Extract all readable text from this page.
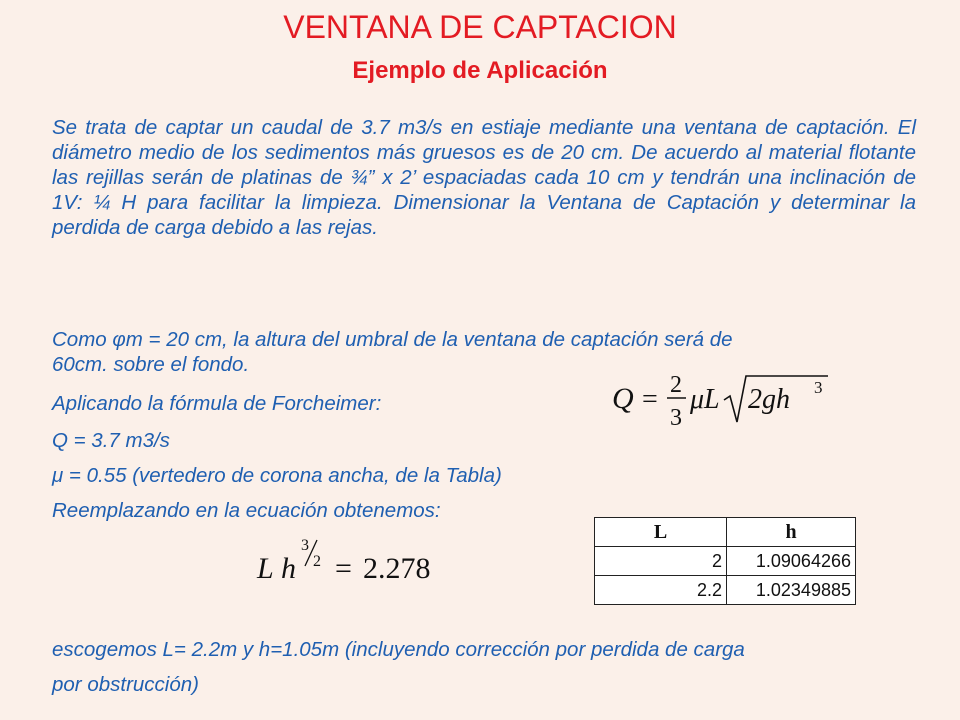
VENTANA DE CAPTACION
Ejemplo de Aplicación

Se trata de captar un caudal de 3.7 m3/s en estiaje mediante una ventana de captación. El diámetro medio de los sedimentos más gruesos es de 20 cm. De acuerdo al material flotante las rejillas serán de platinas de ¾” x 2’ espaciadas cada 10 cm y tendrán una inclinación de 1V: ¼ H para facilitar la limpieza. Dimensionar la Ventana de Captación y determinar la perdida de carga debido a las rejas.

Como φm = 20 cm, la altura del umbral de la ventana de captación será de

60cm. sobre el fondo.

Aplicando la fórmula de Forcheimer:

Q = 3.7 m3/s

μ = 0.55 (vertedero de corona ancha, de la Tabla)

Reemplazando en la ecuación obtenemos:

Q = 2
3
μL 2gh 3
L h
3
2 = 2.278
L	h
2	1.09064266
2.2	1.02349885

escogemos L= 2.2m y h=1.05m (incluyendo corrección por perdida de carga

por obstrucción)
